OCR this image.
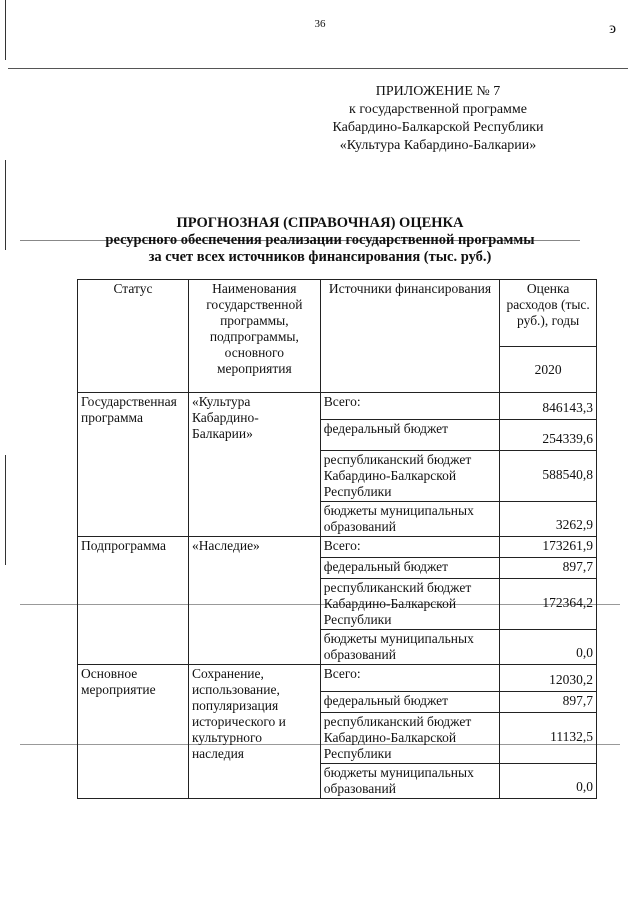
36	ͽ
ПРИЛОЖЕНИЕ № 7
к государственной программе
Кабардино-Балкарской Республики
«Культура Кабардино-Балкарии»
ПРОГНОЗНАЯ (СПРАВОЧНАЯ) ОЦЕНКА
ресурсного обеспечения реализации государственной программы
за счет всех источников финансирования (тыс. руб.)
Статус	Наименования государственной программы, подпрограммы, основного мероприятия	Источники финансирования	Оценка расходов (тыс. руб.), годы
			2020
Государственная программа	«Культура Кабардино-Балкарии»	Всего:	846143,3
		федеральный бюджет	254339,6
		республиканский бюджет Кабардино-Балкарской Республики	588540,8
		бюджеты муниципальных образований	3262,9
Подпрограмма	«Наследие»	Всего:	173261,9
		федеральный бюджет	897,7
		республиканский бюджет Кабардино-Балкарской Республики	172364,2
		бюджеты муниципальных образований	0,0
Основное мероприятие	Сохранение, использование, популяризация исторического и культурного наследия	Всего:	12030,2
		федеральный бюджет	897,7
		республиканский бюджет Кабардино-Балкарской Республики	11132,5
		бюджеты муниципальных образований	0,0
